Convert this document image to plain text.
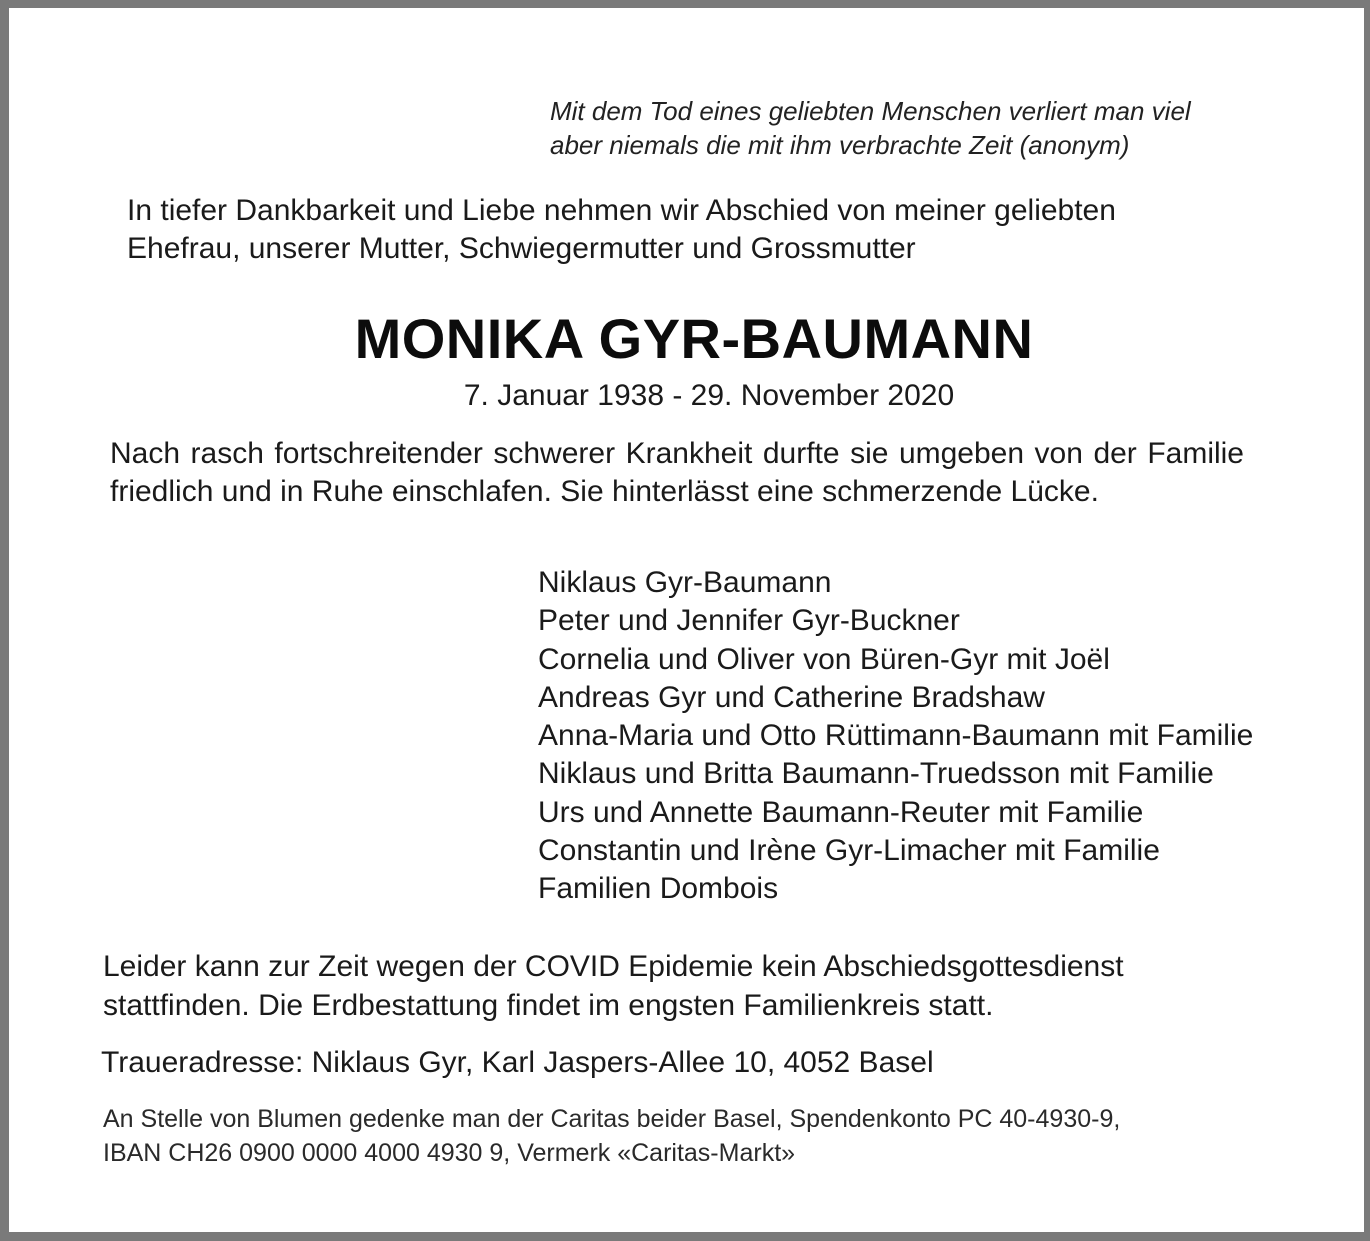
Mit dem Tod eines geliebten Menschen verliert man viel
aber niemals die mit ihm verbrachte Zeit (anonym)
In tiefer Dankbarkeit und Liebe nehmen wir Abschied von meiner geliebten
Ehefrau, unserer Mutter, Schwiegermutter und Grossmutter
MONIKA GYR-BAUMANN
7. Januar 1938 - 29. November 2020
Nach rasch fortschreitender schwerer Krankheit durfte sie umgeben von der Familie friedlich und in Ruhe einschlafen. Sie hinterlässt eine schmerzende Lücke.
Niklaus Gyr-Baumann
Peter und Jennifer Gyr-Buckner
Cornelia und Oliver von Büren-Gyr mit Joël
Andreas Gyr und Catherine Bradshaw
Anna-Maria und Otto Rüttimann-Baumann mit Familie
Niklaus und Britta Baumann-Truedsson mit Familie
Urs und Annette Baumann-Reuter mit Familie
Constantin und Irène Gyr-Limacher mit Familie
Familien Dombois
Leider kann zur Zeit wegen der COVID Epidemie kein Abschiedsgottesdienst
stattfinden. Die Erdbestattung findet im engsten Familienkreis statt.
Traueradresse: Niklaus Gyr, Karl Jaspers-Allee 10, 4052 Basel
An Stelle von Blumen gedenke man der Caritas beider Basel, Spendenkonto PC 40-4930-9,
IBAN CH26 0900 0000 4000 4930 9, Vermerk «Caritas-Markt»
